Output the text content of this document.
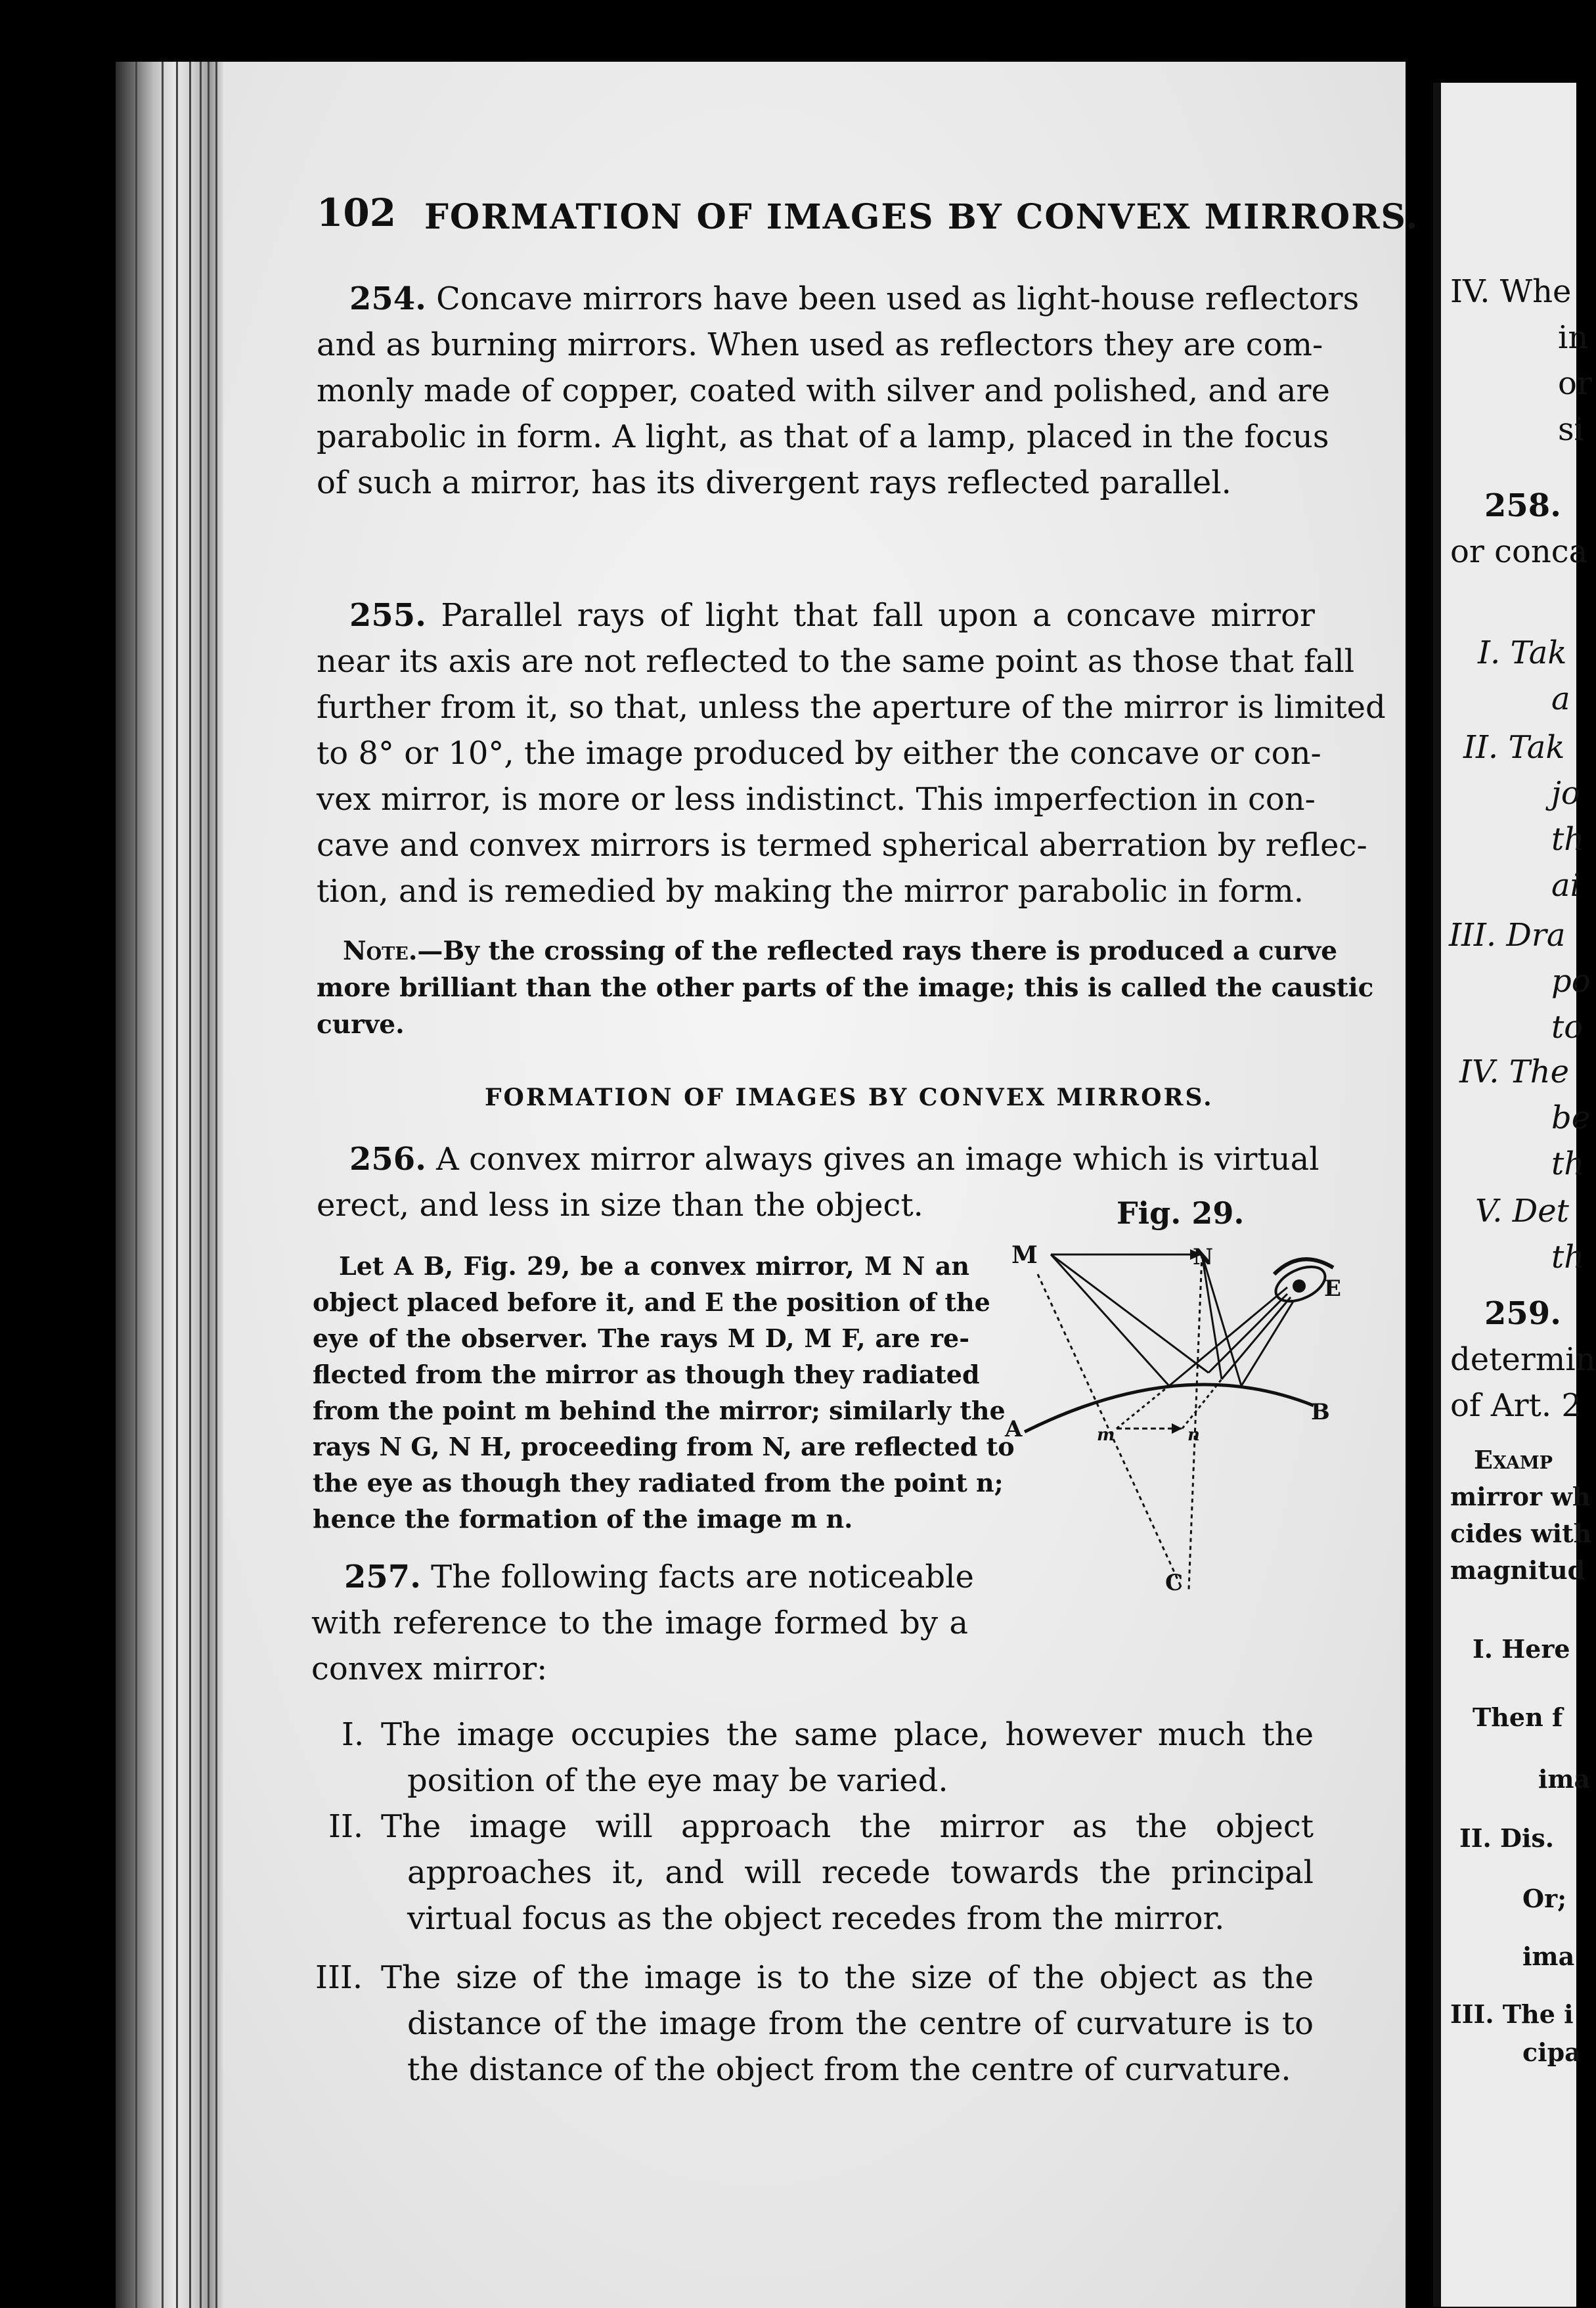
102 FORMATION OF IMAGES BY CONVEX MIRRORS.
254. Concave mirrors have been used as light-house reflectors
and as burning mirrors. When used as reflectors they are com-
monly made of copper, coated with silver and polished, and are
parabolic in form. A light, as that of a lamp, placed in the focus
of such a mirror, has its divergent rays reflected parallel.
255. Parallel rays of light that fall upon a concave mirror
near its axis are not reflected to the same point as those that fall
further from it, so that, unless the aperture of the mirror is limited
to 8° or 10°, the image produced by either the concave or con-
vex mirror, is more or less indistinct. This imperfection in con-
cave and convex mirrors is termed spherical aberration by reflec-
tion, and is remedied by making the mirror parabolic in form.
Note.—By the crossing of the reflected rays there is produced a curve
more brilliant than the other parts of the image; this is called the caustic
curve.
FORMATION OF IMAGES BY CONVEX MIRRORS.
256. A convex mirror always gives an image which is virtual
erect, and less in size than the object.
Let A B, Fig. 29, be a convex mirror, M N an
object placed before it, and E the position of the
eye of the observer. The rays M D, M F, are re-
flected from the mirror as though they radiated
from the point m behind the mirror; similarly the
rays N G, N H, proceeding from N, are reflected to
the eye as though they radiated from the point n;
hence the formation of the image m n.
257. The following facts are noticeable
with reference to the image formed by a
convex mirror:
I. The image occupies the same place, however much the
position of the eye may be varied.
II. The image will approach the mirror as the object
approaches it, and will recede towards the principal
virtual focus as the object recedes from the mirror.
III. The size of the image is to the size of the object as the
distance of the image from the centre of curvature is to
the distance of the object from the centre of curvature.
Fig. 29.
M	N
E
A
B
C
m	n
IV. Whe
in
or
si
258.
or conca
I. Tak
a
II. Tak
jo
th
ai
III. Dra
po
to
IV. The
be
th
V. Det
th
259.
determin
of Art. 2
Examp
mirror wh
cides with
magnitud
I. Here
Then f
ima
II. Dis.
Or;
ima
III. The i
cipa
